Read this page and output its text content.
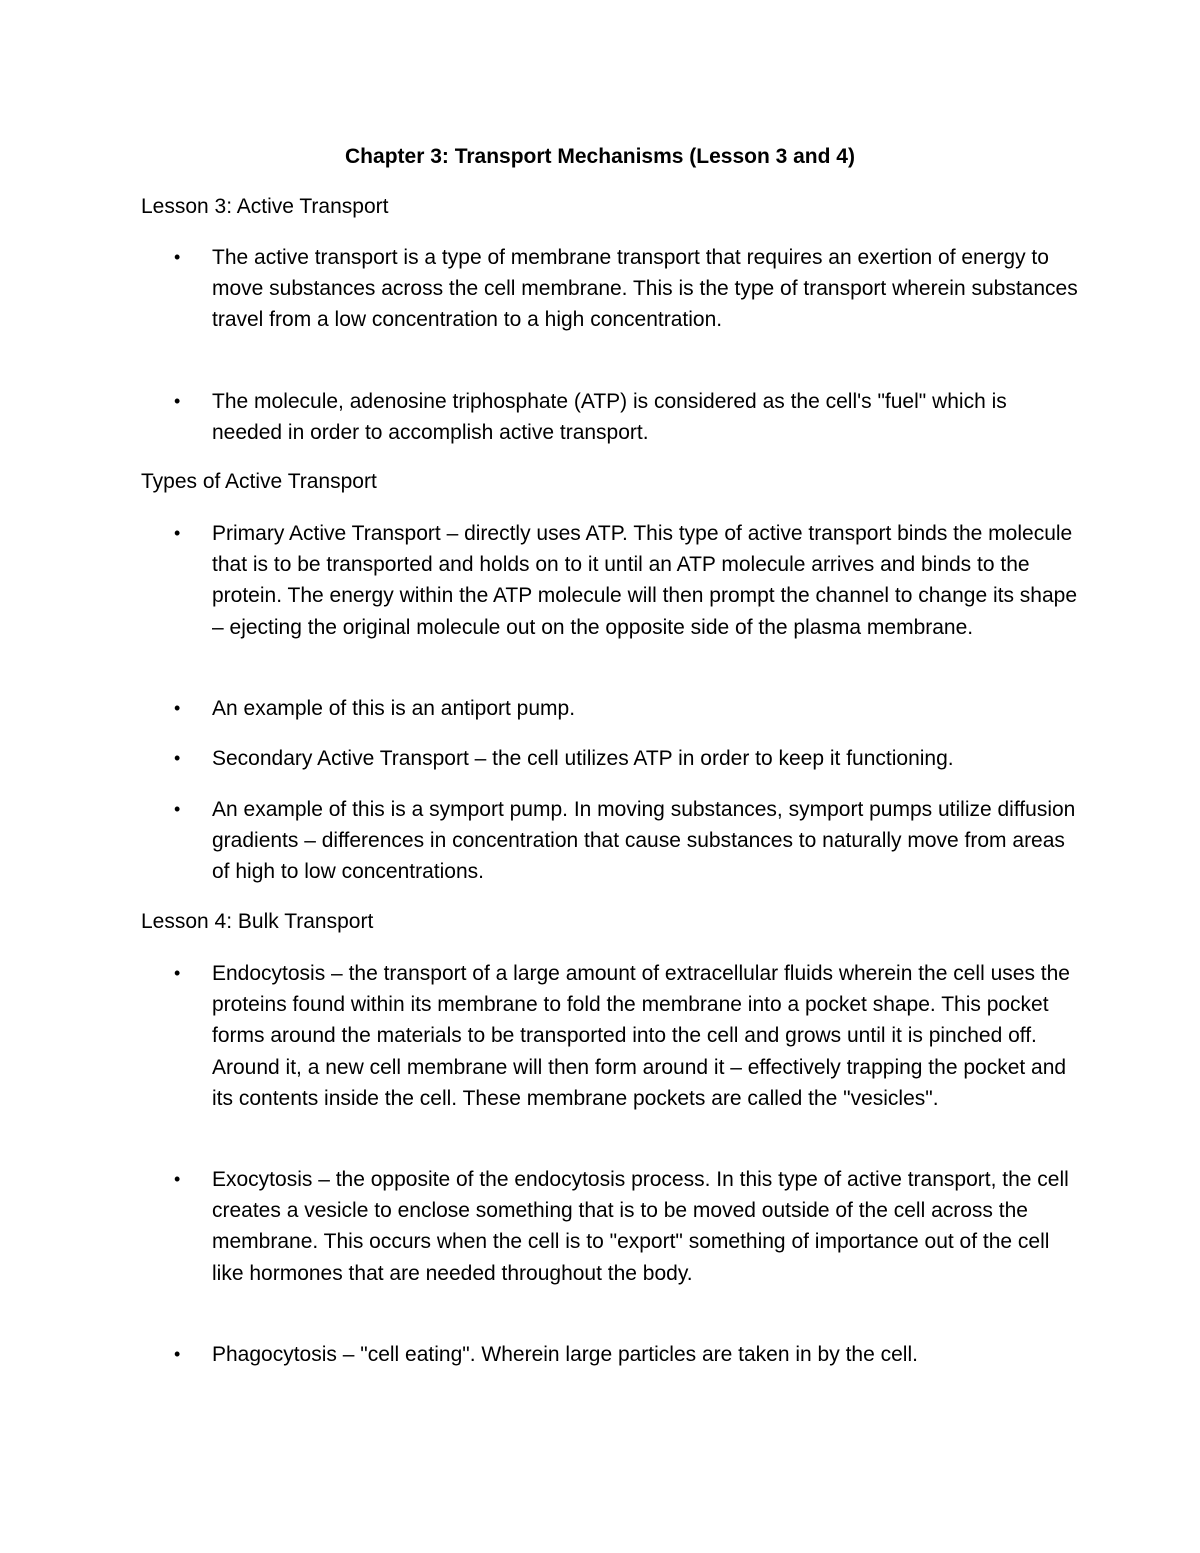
Chapter 3: Transport Mechanisms (Lesson 3 and 4)
Lesson 3: Active Transport
• The active transport is a type of membrane transport that requires an exertion of energy to move substances across the cell membrane. This is the type of transport wherein substances travel from a low concentration to a high concentration.
• The molecule, adenosine triphosphate (ATP) is considered as the cell's "fuel" which is needed in order to accomplish active transport.
Types of Active Transport
• Primary Active Transport – directly uses ATP. This type of active transport binds the molecule that is to be transported and holds on to it until an ATP molecule arrives and binds to the protein. The energy within the ATP molecule will then prompt the channel to change its shape – ejecting the original molecule out on the opposite side of the plasma membrane.
• An example of this is an antiport pump.
• Secondary Active Transport – the cell utilizes ATP in order to keep it functioning.
• An example of this is a symport pump. In moving substances, symport pumps utilize diffusion gradients – differences in concentration that cause substances to naturally move from areas of high to low concentrations.
Lesson 4: Bulk Transport
• Endocytosis – the transport of a large amount of extracellular fluids wherein the cell uses the proteins found within its membrane to fold the membrane into a pocket shape. This pocket forms around the materials to be transported into the cell and grows until it is pinched off. Around it, a new cell membrane will then form around it – effectively trapping the pocket and its contents inside the cell. These membrane pockets are called the "vesicles".
• Exocytosis – the opposite of the endocytosis process. In this type of active transport, the cell creates a vesicle to enclose something that is to be moved outside of the cell across the membrane. This occurs when the cell is to "export" something of importance out of the cell like hormones that are needed throughout the body.
• Phagocytosis – "cell eating". Wherein large particles are taken in by the cell.
